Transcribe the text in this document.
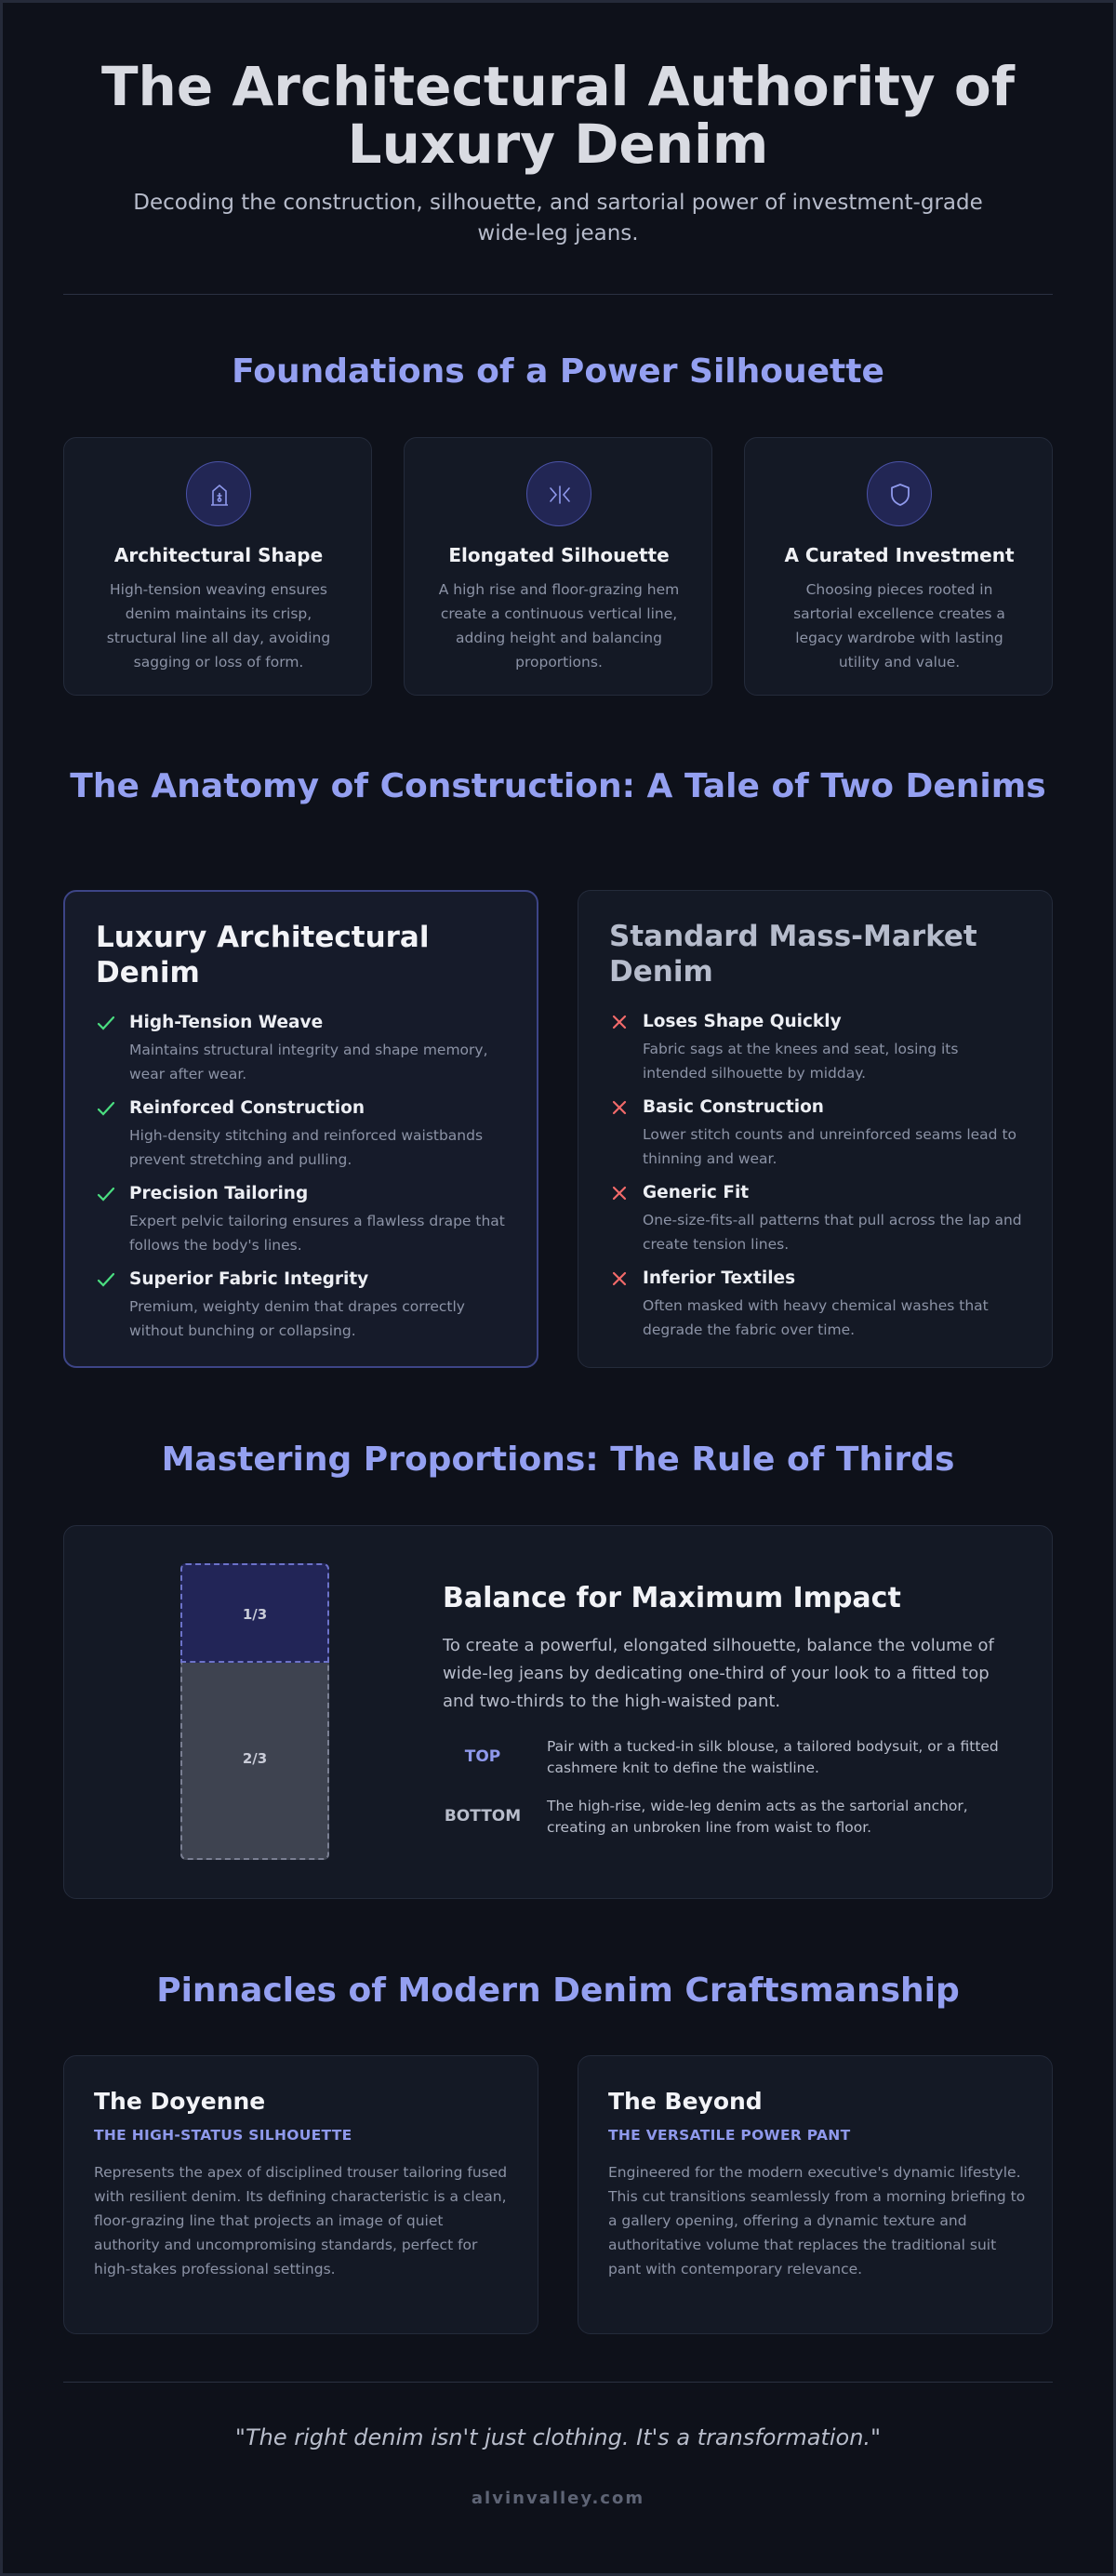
The Architectural Authority of Luxury Denim

Decoding the construction, silhouette, and sartorial power of investment-grade wide-leg jeans.

Foundations of a Power Silhouette
Architectural Shape
High-tension weaving ensures denim maintains its crisp, structural line all day, avoiding sagging or loss of form.
Elongated Silhouette
A high rise and floor-grazing hem create a continuous vertical line, adding height and balancing proportions.
A Curated Investment
Choosing pieces rooted in sartorial excellence creates a legacy wardrobe with lasting utility and value.
The Anatomy of Construction: A Tale of Two Denims
Luxury Architectural Denim
High-Tension Weave
Maintains structural integrity and shape memory, wear after wear.
Reinforced Construction
High-density stitching and reinforced waistbands prevent stretching and pulling.
Precision Tailoring
Expert pelvic tailoring ensures a flawless drape that follows the body's lines.
Superior Fabric Integrity
Premium, weighty denim that drapes correctly without bunching or collapsing.
Standard Mass-Market Denim
Loses Shape Quickly
Fabric sags at the knees and seat, losing its intended silhouette by midday.
Basic Construction
Lower stitch counts and unreinforced seams lead to thinning and wear.
Generic Fit
One-size-fits-all patterns that pull across the lap and create tension lines.
Inferior Textiles
Often masked with heavy chemical washes that degrade the fabric over time.
Mastering Proportions: The Rule of Thirds
1/3
2/3
Balance for Maximum Impact
To create a powerful, elongated silhouette, balance the volume of wide-leg jeans by dedicating one-third of your look to a fitted top and two-thirds to the high-waisted pant.
TOP
Pair with a tucked-in silk blouse, a tailored bodysuit, or a fitted cashmere knit to define the waistline.
BOTTOM
The high-rise, wide-leg denim acts as the sartorial anchor, creating an unbroken line from waist to floor.
Pinnacles of Modern Denim Craftsmanship
The Doyenne
THE HIGH-STATUS SILHOUETTE
Represents the apex of disciplined trouser tailoring fused with resilient denim. Its defining characteristic is a clean, floor-grazing line that projects an image of quiet authority and uncompromising standards, perfect for high-stakes professional settings.
The Beyond
THE VERSATILE POWER PANT
Engineered for the modern executive's dynamic lifestyle. This cut transitions seamlessly from a morning briefing to a gallery opening, offering a dynamic texture and authoritative volume that replaces the traditional suit pant with contemporary relevance.
"The right denim isn't just clothing. It's a transformation."
alvinvalley.com
